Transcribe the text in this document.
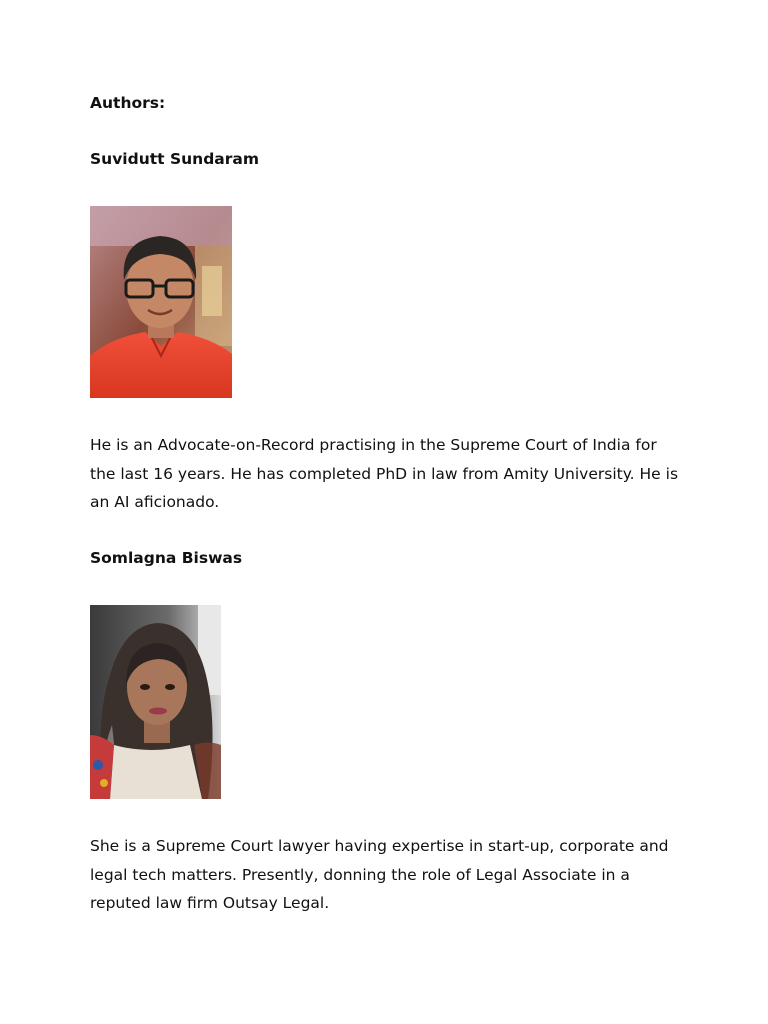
Authors:
Suvidutt Sundaram

He is an Advocate-on-Record practising in the Supreme Court of India for the last 16 years. He has completed PhD in law from Amity University. He is an AI aficionado.

Somlagna Biswas

She is a Supreme Court lawyer having expertise in start-up, corporate and legal tech matters. Presently, donning the role of Legal Associate in a reputed law firm Outsay Legal.
